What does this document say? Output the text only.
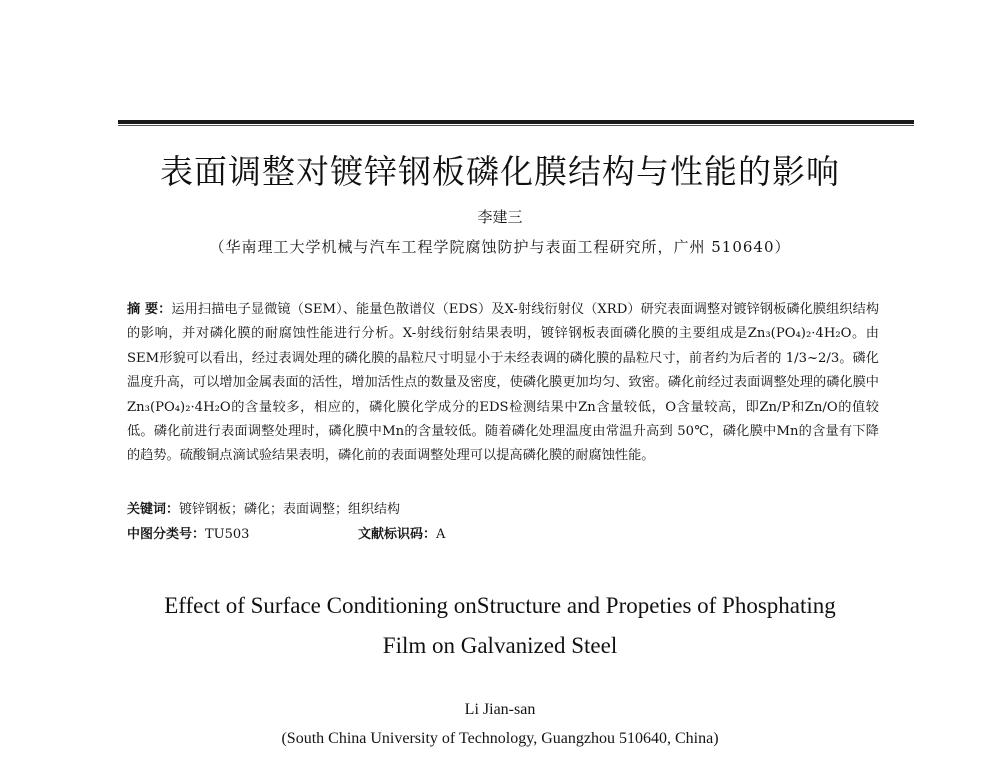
表面调整对镀锌钢板磷化膜结构与性能的影响
李建三
（华南理工大学机械与汽车工程学院腐蚀防护与表面工程研究所，广州 510640）
摘 要：运用扫描电子显微镜（SEM）、能量色散谱仪（EDS）及X-射线衍射仪（XRD）研究表面调整对镀锌钢板磷化膜组织结构的影响，并对磷化膜的耐腐蚀性能进行分析。X-射线衍射结果表明，镀锌钢板表面磷化膜的主要组成是Zn₃(PO₄)₂·4H₂O。由SEM形貌可以看出，经过表调处理的磷化膜的晶粒尺寸明显小于未经表调的磷化膜的晶粒尺寸，前者约为后者的 1/3~2/3。磷化温度升高，可以增加金属表面的活性，增加活性点的数量及密度，使磷化膜更加均匀、致密。磷化前经过表面调整处理的磷化膜中Zn₃(PO₄)₂·4H₂O的含量较多，相应的，磷化膜化学成分的EDS检测结果中Zn含量较低，O含量较高，即Zn/P和Zn/O的值较低。磷化前进行表面调整处理时，磷化膜中Mn的含量较低。随着磷化处理温度由常温升高到 50℃，磷化膜中Mn的含量有下降的趋势。硫酸铜点滴试验结果表明，磷化前的表面调整处理可以提高磷化膜的耐腐蚀性能。
关键词：镀锌钢板；磷化；表面调整；组织结构
中图分类号：TU503	文献标识码：A
Effect of Surface Conditioning onStructure and Propeties of Phosphating
Film on Galvanized Steel
Li Jian-san
(South China University of Technology, Guangzhou 510640, China)
